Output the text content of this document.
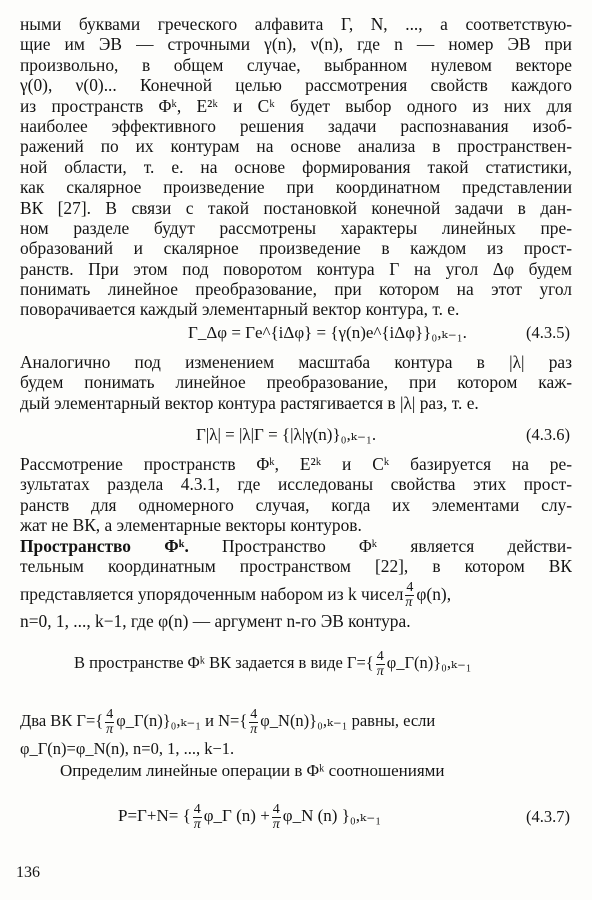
ными буквами греческого алфавита Γ, N, ..., а соответствую-
щие им ЭВ — строчными γ(n), ν(n), где n — номер ЭВ при
произвольно, в общем случае, выбранном нулевом векторе
γ(0), ν(0)... Конечной целью рассмотрения свойств каждого
из пространств Φᵏ, E²ᵏ и Cᵏ будет выбор одного из них для
наиболее эффективного решения задачи распознавания изоб-
ражений по их контурам на основе анализа в пространствен-
ной области, т. е. на основе формирования такой статистики,
как скалярное произведение при координатном представлении
ВК [27]. В связи с такой постановкой конечной задачи в дан-
ном разделе будут рассмотрены характеры линейных пре-
образований и скалярное произведение в каждом из прост-
ранств. При этом под поворотом контура Γ на угол Δφ будем
понимать линейное преобразование, при котором на этот угол
поворачивается каждый элементарный вектор контура, т. е.
Γ_Δφ = Γe^{iΔφ} = {γ(n)e^{iΔφ}}₀,ₖ₋₁.	(4.3.5)
Аналогично под изменением масштаба контура в |λ| раз
будем понимать линейное преобразование, при котором каж-
дый элементарный вектор контура растягивается в |λ| раз, т. е.
Γ|λ| = |λ|Γ = {|λ|γ(n)}₀,ₖ₋₁.	(4.3.6)
Рассмотрение пространств Φᵏ, E²ᵏ и Cᵏ базируется на ре-
зультатах раздела 4.3.1, где исследованы свойства этих прост-
ранств для одномерного случая, когда их элементами слу-
жат не ВК, а элементарные векторы контуров.
Пространство Φᵏ. Пространство Φᵏ является действи-
тельным координатным пространством [22], в котором ВК
представляется упорядоченным набором из k чисел $\frac{4}{\pi} \varphi(n)$,
n=0, 1, ..., k−1, где φ(n) — аргумент n-го ЭВ контура.
В пространстве Φᵏ ВК задается в виде $\Gamma=\{ \frac{4}{\pi}$ φ_Γ(n)}₀,ₖ₋₁
Два ВК $\Gamma=\{ \frac{4}{\pi}$ φ_Γ(n)}₀,ₖ₋₁ и $N=\{ \frac{4}{\pi}$ φ_N(n)}₀,ₖ₋₁ равны, если
φ_Γ(n)=φ_N(n), n=0, 1, ..., k−1.
Определим линейные операции в Φᵏ соотношениями
P=Γ+N= { $\frac{4}{\pi}$ φ_Γ $(n) + \frac{4}{\pi}$ φ_N (n) }₀,ₖ₋₁	(4.3.7)
136
